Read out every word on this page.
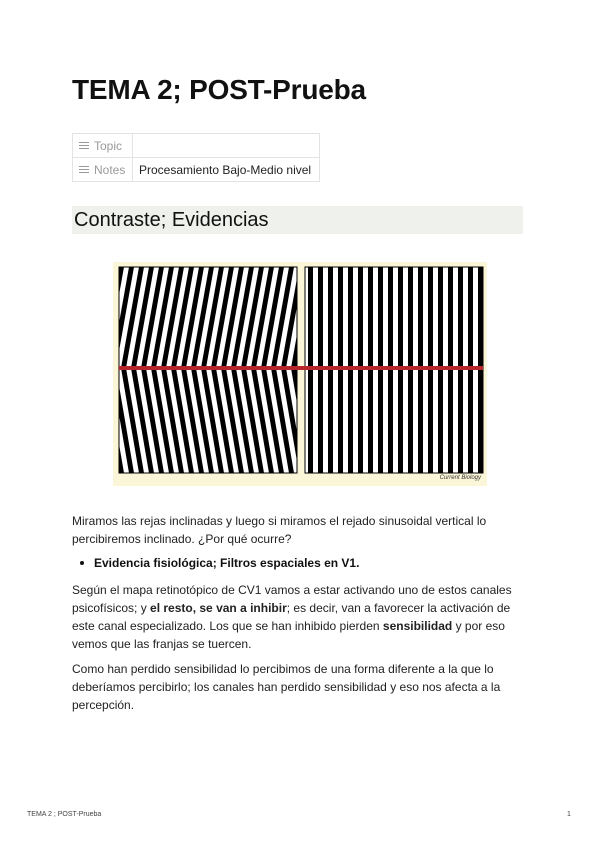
TEMA 2; POST-Prueba
Topic	

Notes	Procesamiento Bajo-Medio nivel
Contraste; Evidencias
Current Biology

Miramos las rejas inclinadas y luego si miramos el rejado sinusoidal vertical lo percibiremos inclinado. ¿Por qué ocurre?

Evidencia fisiológica; Filtros espaciales en V1.

Según el mapa retinotópico de CV1 vamos a estar activando uno de estos canales psicofísicos; y el resto, se van a inhibir; es decir, van a favorecer la activación de este canal especializado. Los que se han inhibido pierden sensibilidad y por eso vemos que las franjas se tuercen.

Como han perdido sensibilidad lo percibimos de una forma diferente a la que lo deberíamos percibirlo; los canales han perdido sensibilidad y eso nos afecta a la percepción.

TEMA 2 ; POST-Prueba	1
